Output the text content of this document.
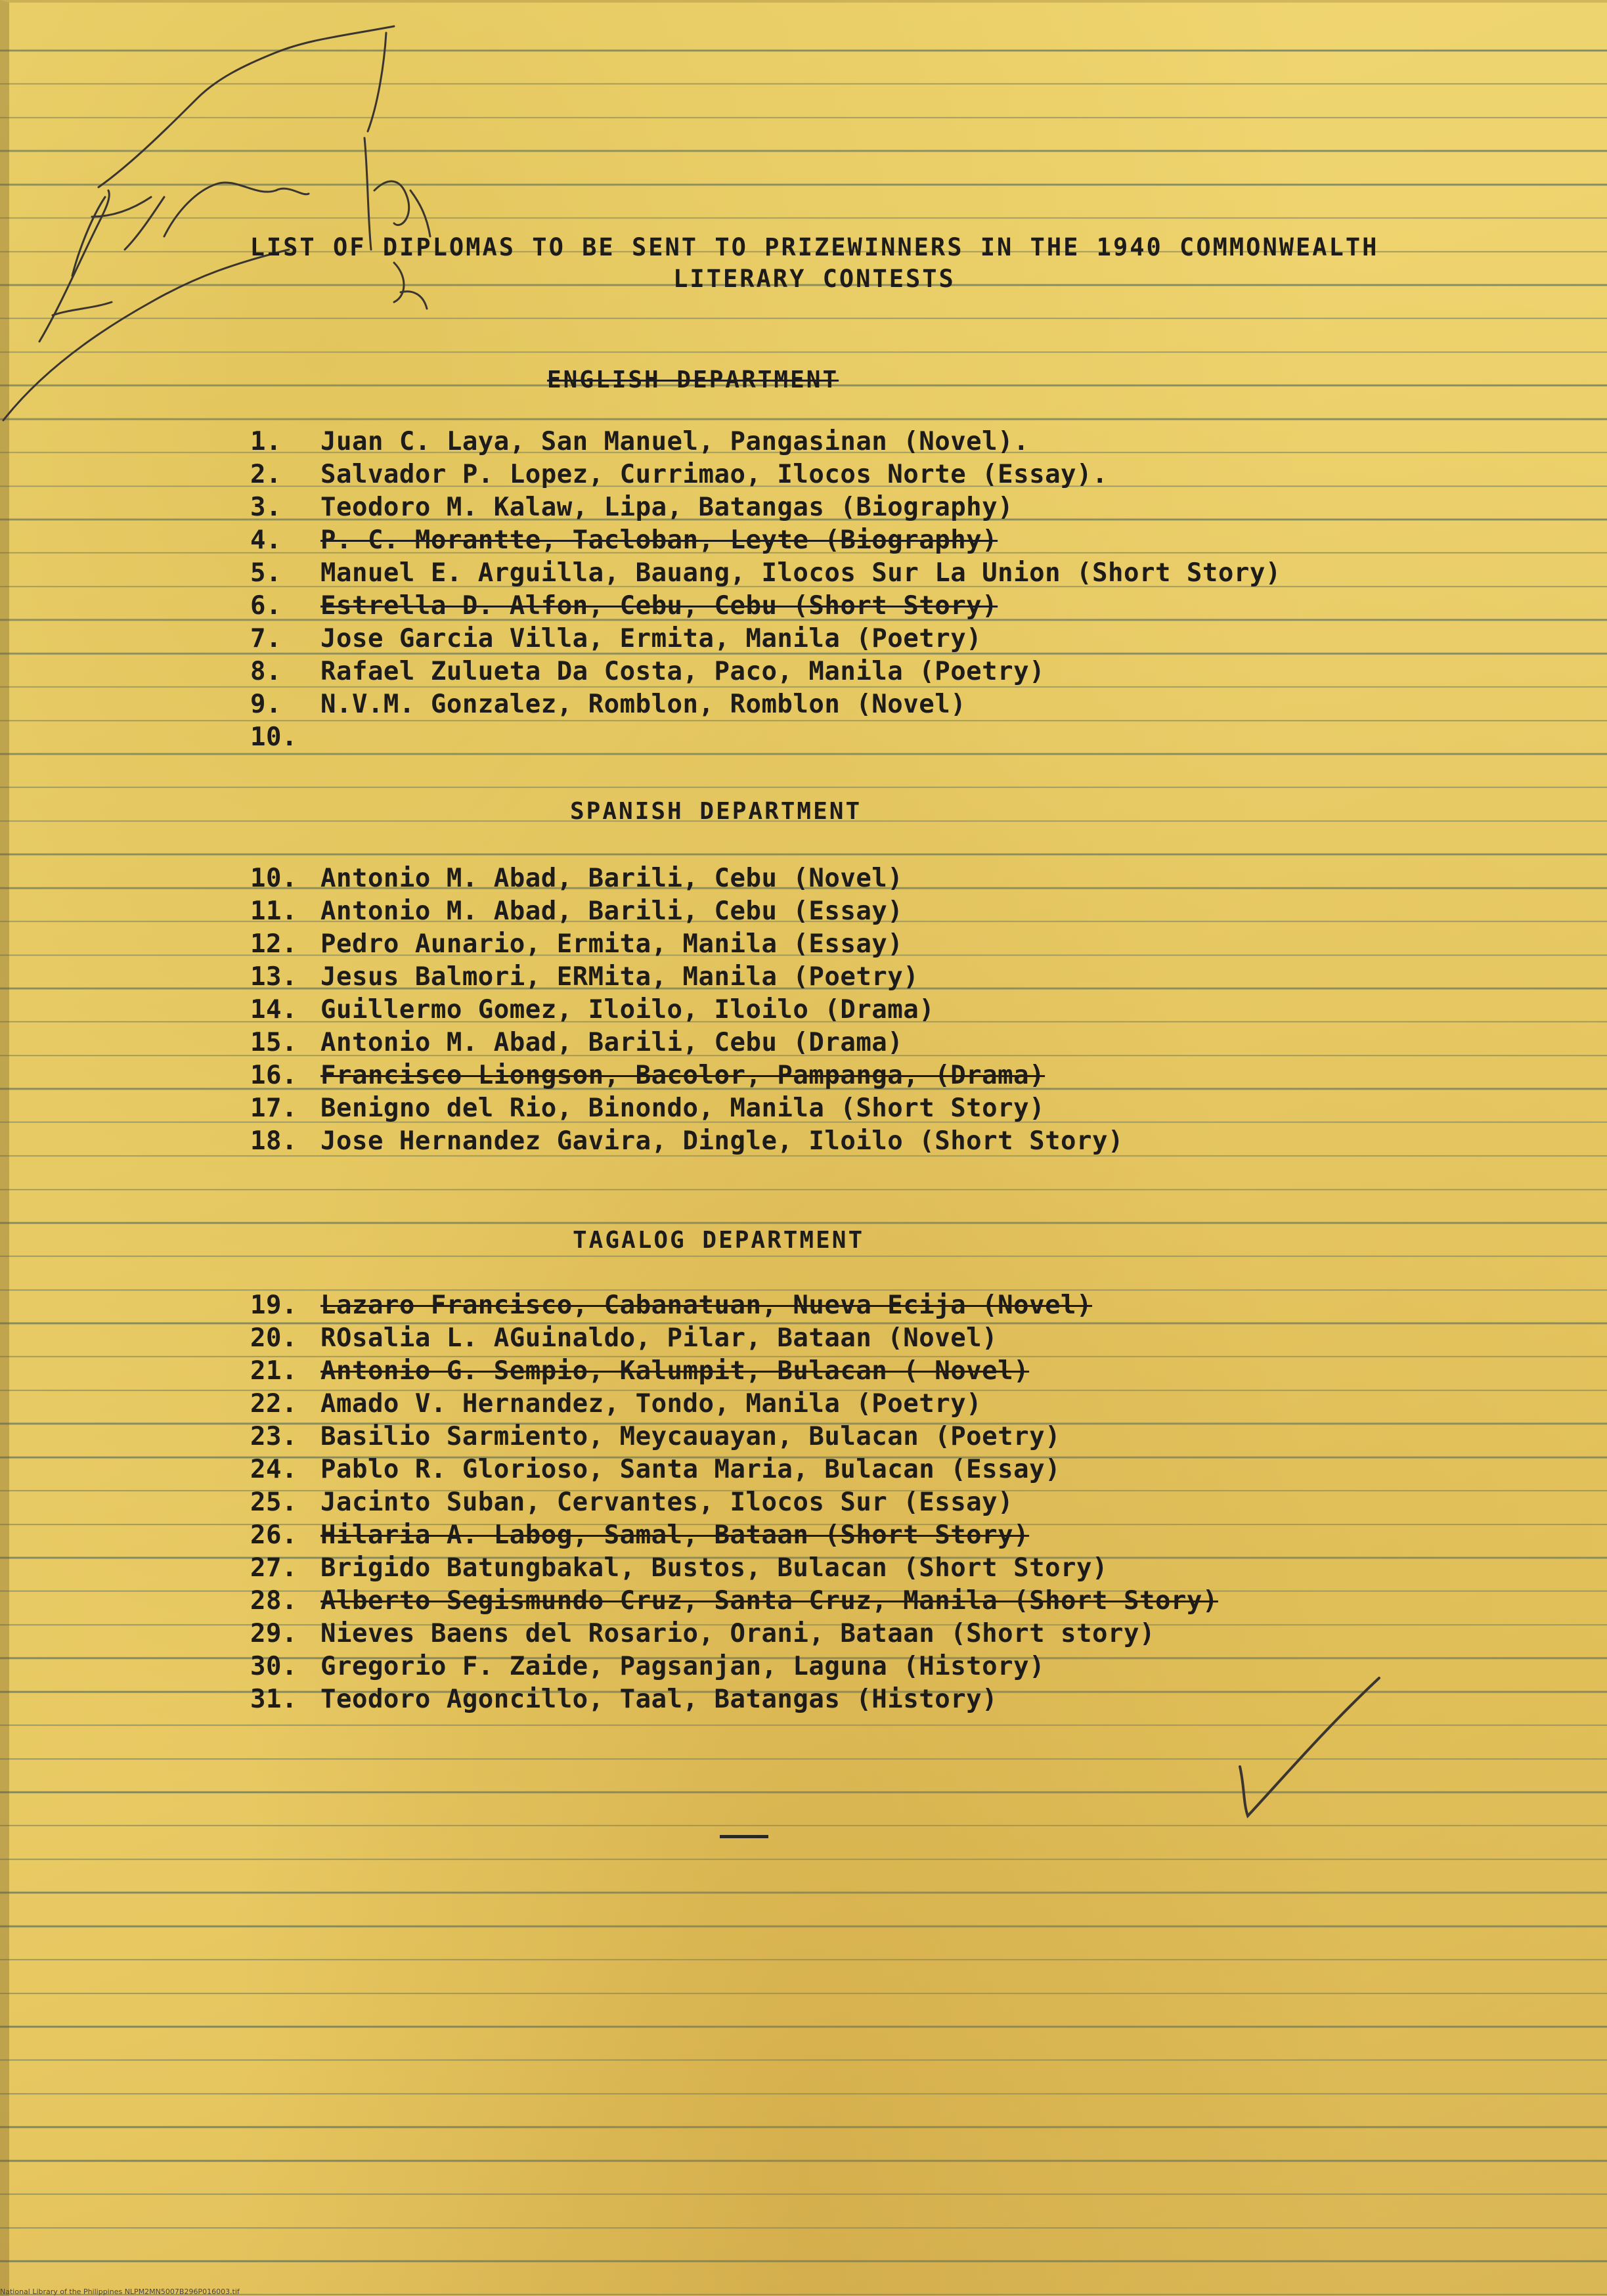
LIST OF DIPLOMAS TO BE SENT TO PRIZEWINNERS IN THE 1940 COMMONWEALTH
LITERARY CONTESTS
ENGLISH DEPARTMENT
1. Juan C. Laya, San Manuel, Pangasinan (Novel).
2. Salvador P. Lopez, Currimao, Ilocos Norte (Essay).
3. Teodoro M. Kalaw, Lipa, Batangas (Biography)
4. P. C. Morantte, Tacloban, Leyte (Biography)
5. Manuel E. Arguilla, Bauang, Ilocos Sur La Union (Short Story)
6. Estrella D. Alfon, Cebu, Cebu (Short Story)
7. Jose Garcia Villa, Ermita, Manila (Poetry)
8. Rafael Zulueta Da Costa, Paco, Manila (Poetry)
9. N.V.M. Gonzalez, Romblon, Romblon (Novel)
10.
SPANISH DEPARTMENT
10. Antonio M. Abad, Barili, Cebu (Novel)
11. Antonio M. Abad, Barili, Cebu (Essay)
12. Pedro Aunario, Ermita, Manila (Essay)
13. Jesus Balmori, ERMita, Manila (Poetry)
14. Guillermo Gomez, Iloilo, Iloilo (Drama)
15. Antonio M. Abad, Barili, Cebu (Drama)
16. Francisco Liongson, Bacolor, Pampanga, (Drama)
17. Benigno del Rio, Binondo, Manila (Short Story)
18. Jose Hernandez Gavira, Dingle, Iloilo (Short Story)
TAGALOG DEPARTMENT
19. Lazaro Francisco, Cabanatuan, Nueva Ecija (Novel)
20. ROsalia L. AGuinaldo, Pilar, Bataan (Novel)
21. Antonio G. Sempio, Kalumpit, Bulacan ( Novel)
22. Amado V. Hernandez, Tondo, Manila (Poetry)
23. Basilio Sarmiento, Meycauayan, Bulacan (Poetry)
24. Pablo R. Glorioso, Santa Maria, Bulacan (Essay)
25. Jacinto Suban, Cervantes, Ilocos Sur (Essay)
26. Hilaria A. Labog, Samal, Bataan (Short Story)
27. Brigido Batungbakal, Bustos, Bulacan (Short Story)
28. Alberto Segismundo Cruz, Santa Cruz, Manila (Short Story)
29. Nieves Baens del Rosario, Orani, Bataan (Short story)
30. Gregorio F. Zaide, Pagsanjan, Laguna (History)
31. Teodoro Agoncillo, Taal, Batangas (History)
National Library of the Philippines NLPM2MN5007B296P016003.tif
